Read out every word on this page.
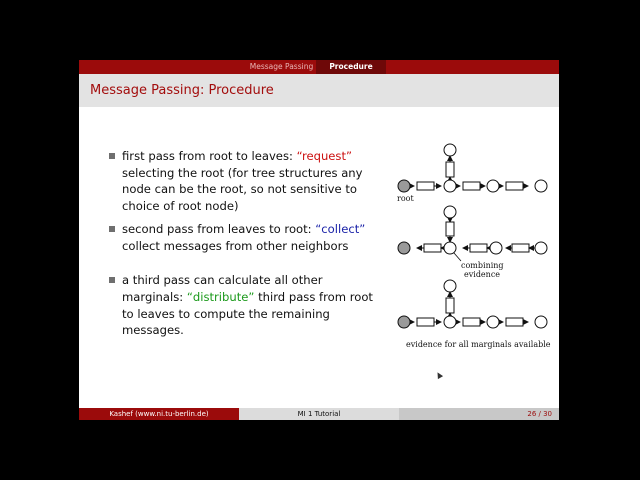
Message Passing	Procedure
Message Passing: Procedure
first pass from root to leaves: “request” selecting the root (for tree structures any node can be the root, so not sensitive to choice of root node)
second pass from leaves to root: “collect” collect messages from other neighbors
a third pass can calculate all other marginals: “distribute” third pass from root to leaves to compute the remaining messages.
root
combining
evidence
evidence for all marginals available
Kashef (www.ni.tu-berlin.de)	MI 1 Tutorial	26 / 30
